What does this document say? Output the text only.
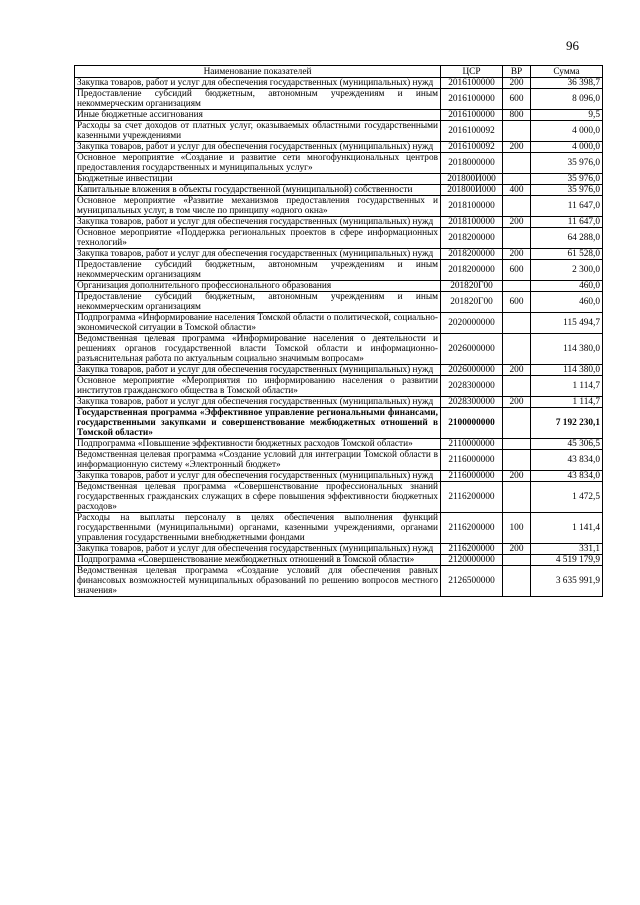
96
Наименование показателей	ЦСР	ВР	Сумма
Закупка товаров, работ и услуг для обеспечения государственных (муниципальных) нужд	2016100000	200	36 398,7
Предоставление субсидий бюджетным, автономным учреждениям и иным некоммерческим организациям	2016100000	600	8 096,0
Иные бюджетные ассигнования	2016100000	800	9,5
Расходы за счет доходов от платных услуг, оказываемых областными государственными казенными учреждениями	2016100092		4 000,0
Закупка товаров, работ и услуг для обеспечения государственных (муниципальных) нужд	2016100092	200	4 000,0
Основное мероприятие «Создание и развитие сети многофункциональных центров предоставления государственных и муниципальных услуг»	2018000000		35 976,0
Бюджетные инвестиции	201800И000		35 976,0
Капитальные вложения в объекты государственной (муниципальной) собственности	201800И000	400	35 976,0
Основное мероприятие «Развитие механизмов предоставления государственных и муниципальных услуг, в том числе по принципу «одного окна»	2018100000		11 647,0
Закупка товаров, работ и услуг для обеспечения государственных (муниципальных) нужд	2018100000	200	11 647,0
Основное мероприятие «Поддержка региональных проектов в сфере информационных технологий»	2018200000		64 288,0
Закупка товаров, работ и услуг для обеспечения государственных (муниципальных) нужд	2018200000	200	61 528,0
Предоставление субсидий бюджетным, автономным учреждениям и иным некоммерческим организациям	2018200000	600	2 300,0
Организация дополнительного профессионального образования	201820Г00		460,0
Предоставление субсидий бюджетным, автономным учреждениям и иным некоммерческим организациям	201820Г00	600	460,0
Подпрограмма «Информирование населения Томской области о политической, социально-экономической ситуации в Томской области»	2020000000		115 494,7
Ведомственная целевая программа «Информирование населения о деятельности и решениях органов государственной власти Томской области и информационно-разъяснительная работа по актуальным социально значимым вопросам»	2026000000		114 380,0
Закупка товаров, работ и услуг для обеспечения государственных (муниципальных) нужд	2026000000	200	114 380,0
Основное мероприятие «Мероприятия по информированию населения о развитии институтов гражданского общества в Томской области»	2028300000		1 114,7
Закупка товаров, работ и услуг для обеспечения государственных (муниципальных) нужд	2028300000	200	1 114,7
Государственная программа «Эффективное управление региональными финансами, государственными закупками и совершенствование межбюджетных отношений в Томской области»	2100000000		7 192 230,1
Подпрограмма «Повышение эффективности бюджетных расходов Томской области»	2110000000		45 306,5
Ведомственная целевая программа «Создание условий для интеграции Томской области в информационную систему «Электронный бюджет»	2116000000		43 834,0
Закупка товаров, работ и услуг для обеспечения государственных (муниципальных) нужд	2116000000	200	43 834,0
Ведомственная целевая программа «Совершенствование профессиональных знаний государственных гражданских служащих в сфере повышения эффективности бюджетных расходов»	2116200000		1 472,5
Расходы на выплаты персоналу в целях обеспечения выполнения функций государственными (муниципальными) органами, казенными учреждениями, органами управления государственными внебюджетными фондами	2116200000	100	1 141,4
Закупка товаров, работ и услуг для обеспечения государственных (муниципальных) нужд	2116200000	200	331,1
Подпрограмма «Совершенствование межбюджетных отношений в Томской области»	2120000000		4 519 179,9
Ведомственная целевая программа «Создание условий для обеспечения равных финансовых возможностей муниципальных образований по решению вопросов местного значения»	2126500000		3 635 991,9
